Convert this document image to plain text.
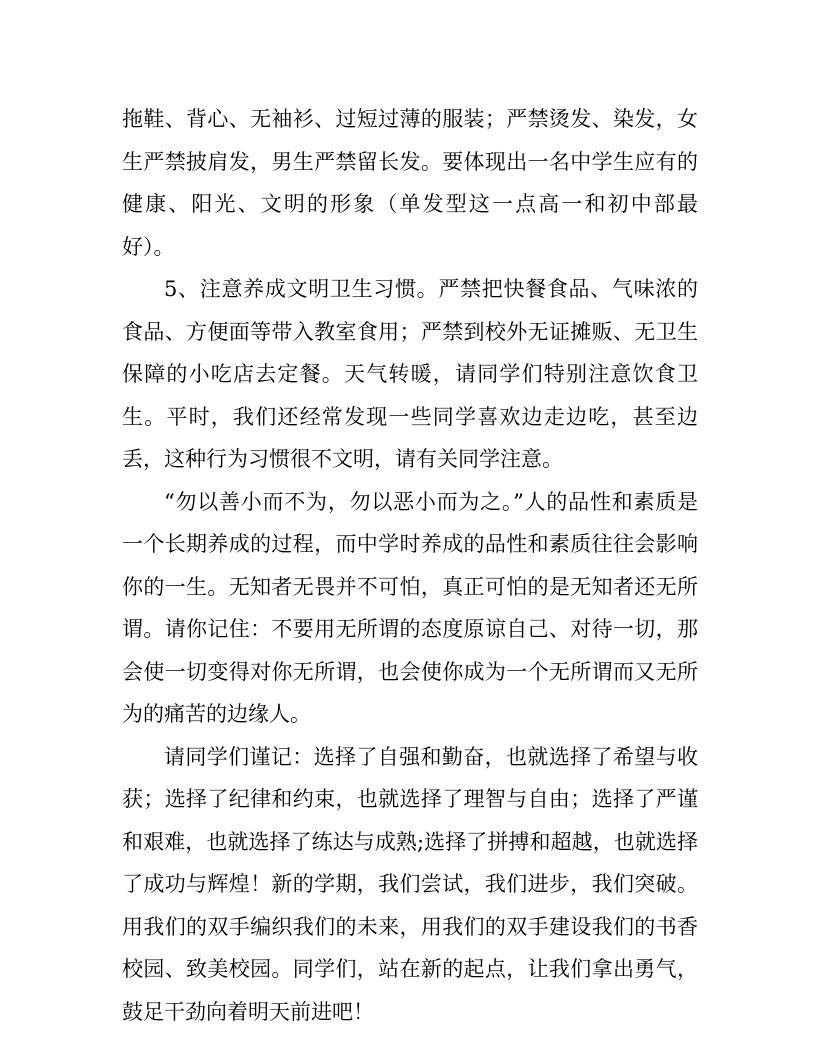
拖鞋、背心、无袖衫、过短过薄的服装；严禁烫发、染发，女生严禁披肩发，男生严禁留长发。要体现出一名中学生应有的健康、阳光、文明的形象（单发型这一点高一和初中部最好）。

5、注意养成文明卫生习惯。严禁把快餐食品、气味浓的食品、方便面等带入教室食用；严禁到校外无证摊贩、无卫生保障的小吃店去定餐。天气转暖，请同学们特别注意饮食卫生。平时，我们还经常发现一些同学喜欢边走边吃，甚至边丢，这种行为习惯很不文明，请有关同学注意。

“勿以善小而不为，勿以恶小而为之。”人的品性和素质是一个长期养成的过程，而中学时养成的品性和素质往往会影响你的一生。无知者无畏并不可怕，真正可怕的是无知者还无所谓。请你记住：不要用无所谓的态度原谅自己、对待一切，那会使一切变得对你无所谓，也会使你成为一个无所谓而又无所为的痛苦的边缘人。

请同学们谨记：选择了自强和勤奋，也就选择了希望与收获；选择了纪律和约束，也就选择了理智与自由；选择了严谨和艰难，也就选择了练达与成熟;选择了拼搏和超越，也就选择了成功与辉煌！新的学期，我们尝试，我们进步，我们突破。用我们的双手编织我们的未来，用我们的双手建设我们的书香校园、致美校园。同学们，站在新的起点，让我们拿出勇气，鼓足干劲向着明天前进吧！
